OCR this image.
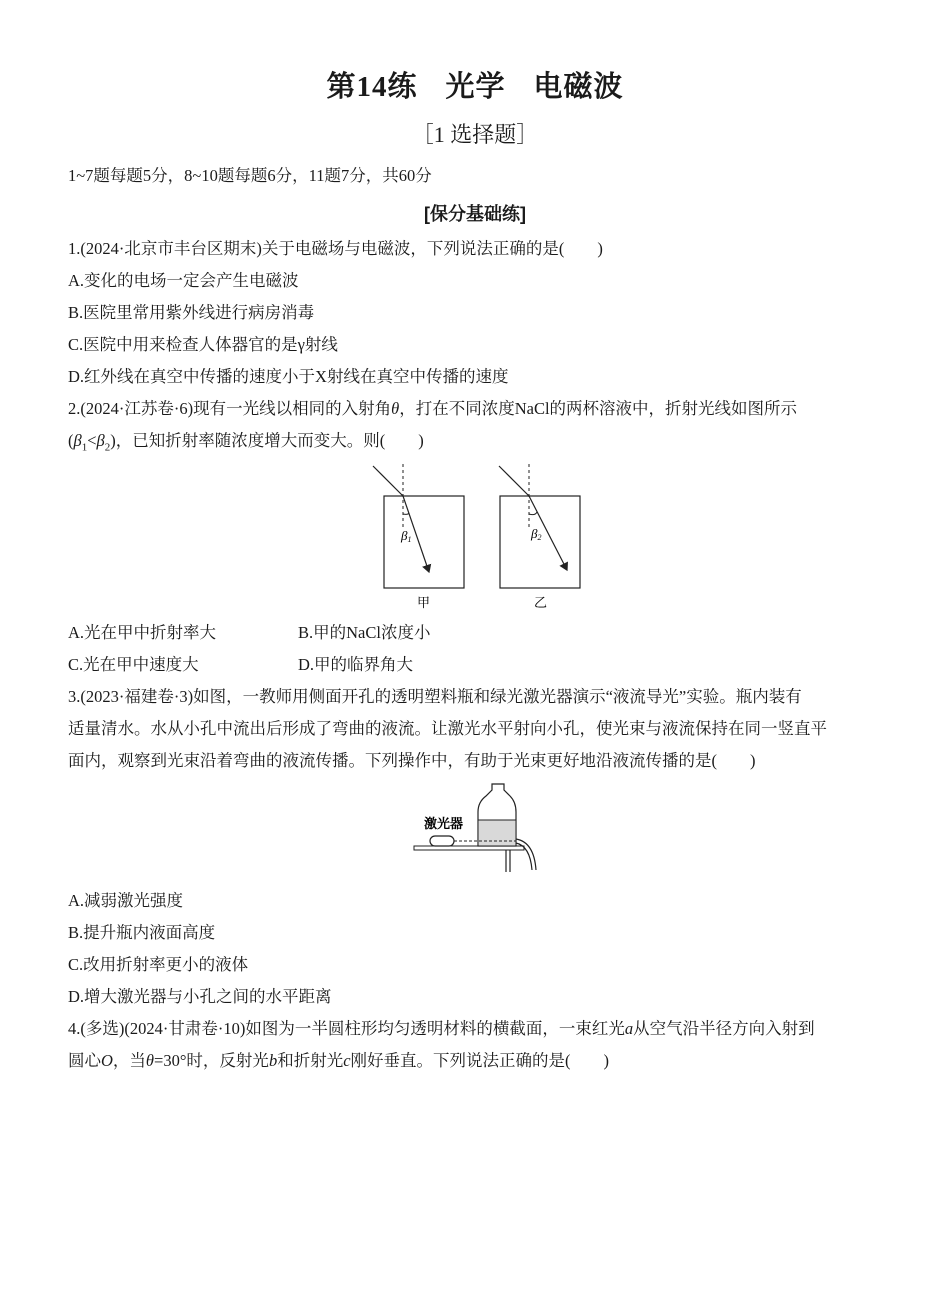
第14练 光学 电磁波
［1 选择题］
1~7题每题5分，8~10题每题6分，11题7分，共60分
[保分基础练]
1.(2024·北京市丰台区期末)关于电磁场与电磁波，下列说法正确的是(　　)
A.变化的电场一定会产生电磁波
B.医院里常用紫外线进行病房消毒
C.医院中用来检查人体器官的是γ射线
D.红外线在真空中传播的速度小于X射线在真空中传播的速度
2.(2024·江苏卷·6)现有一光线以相同的入射角θ，打在不同浓度NaCl的两杯溶液中，折射光线如图所示
$(\beta_1<\beta_2)$，已知折射率随浓度增大而变大。则(　　)
β1
甲
β2
乙
A.光在甲中折射率大	B.甲的NaCl浓度小
C.光在甲中速度大	D.甲的临界角大
3.(2023·福建卷·3)如图，一教师用侧面开孔的透明塑料瓶和绿光激光器演示“液流导光”实验。瓶内装有
适量清水。水从小孔中流出后形成了弯曲的液流。让激光水平射向小孔，使光束与液流保持在同一竖直平
面内，观察到光束沿着弯曲的液流传播。下列操作中，有助于光束更好地沿液流传播的是(　　)
激光器
A.减弱激光强度
B.提升瓶内液面高度
C.改用折射率更小的液体
D.增大激光器与小孔之间的水平距离
4.(多选)(2024·甘肃卷·10)如图为一半圆柱形均匀透明材料的横截面，一束红光a从空气沿半径方向入射到
圆心O，当θ=30°时，反射光b和折射光c刚好垂直。下列说法正确的是(　　)
